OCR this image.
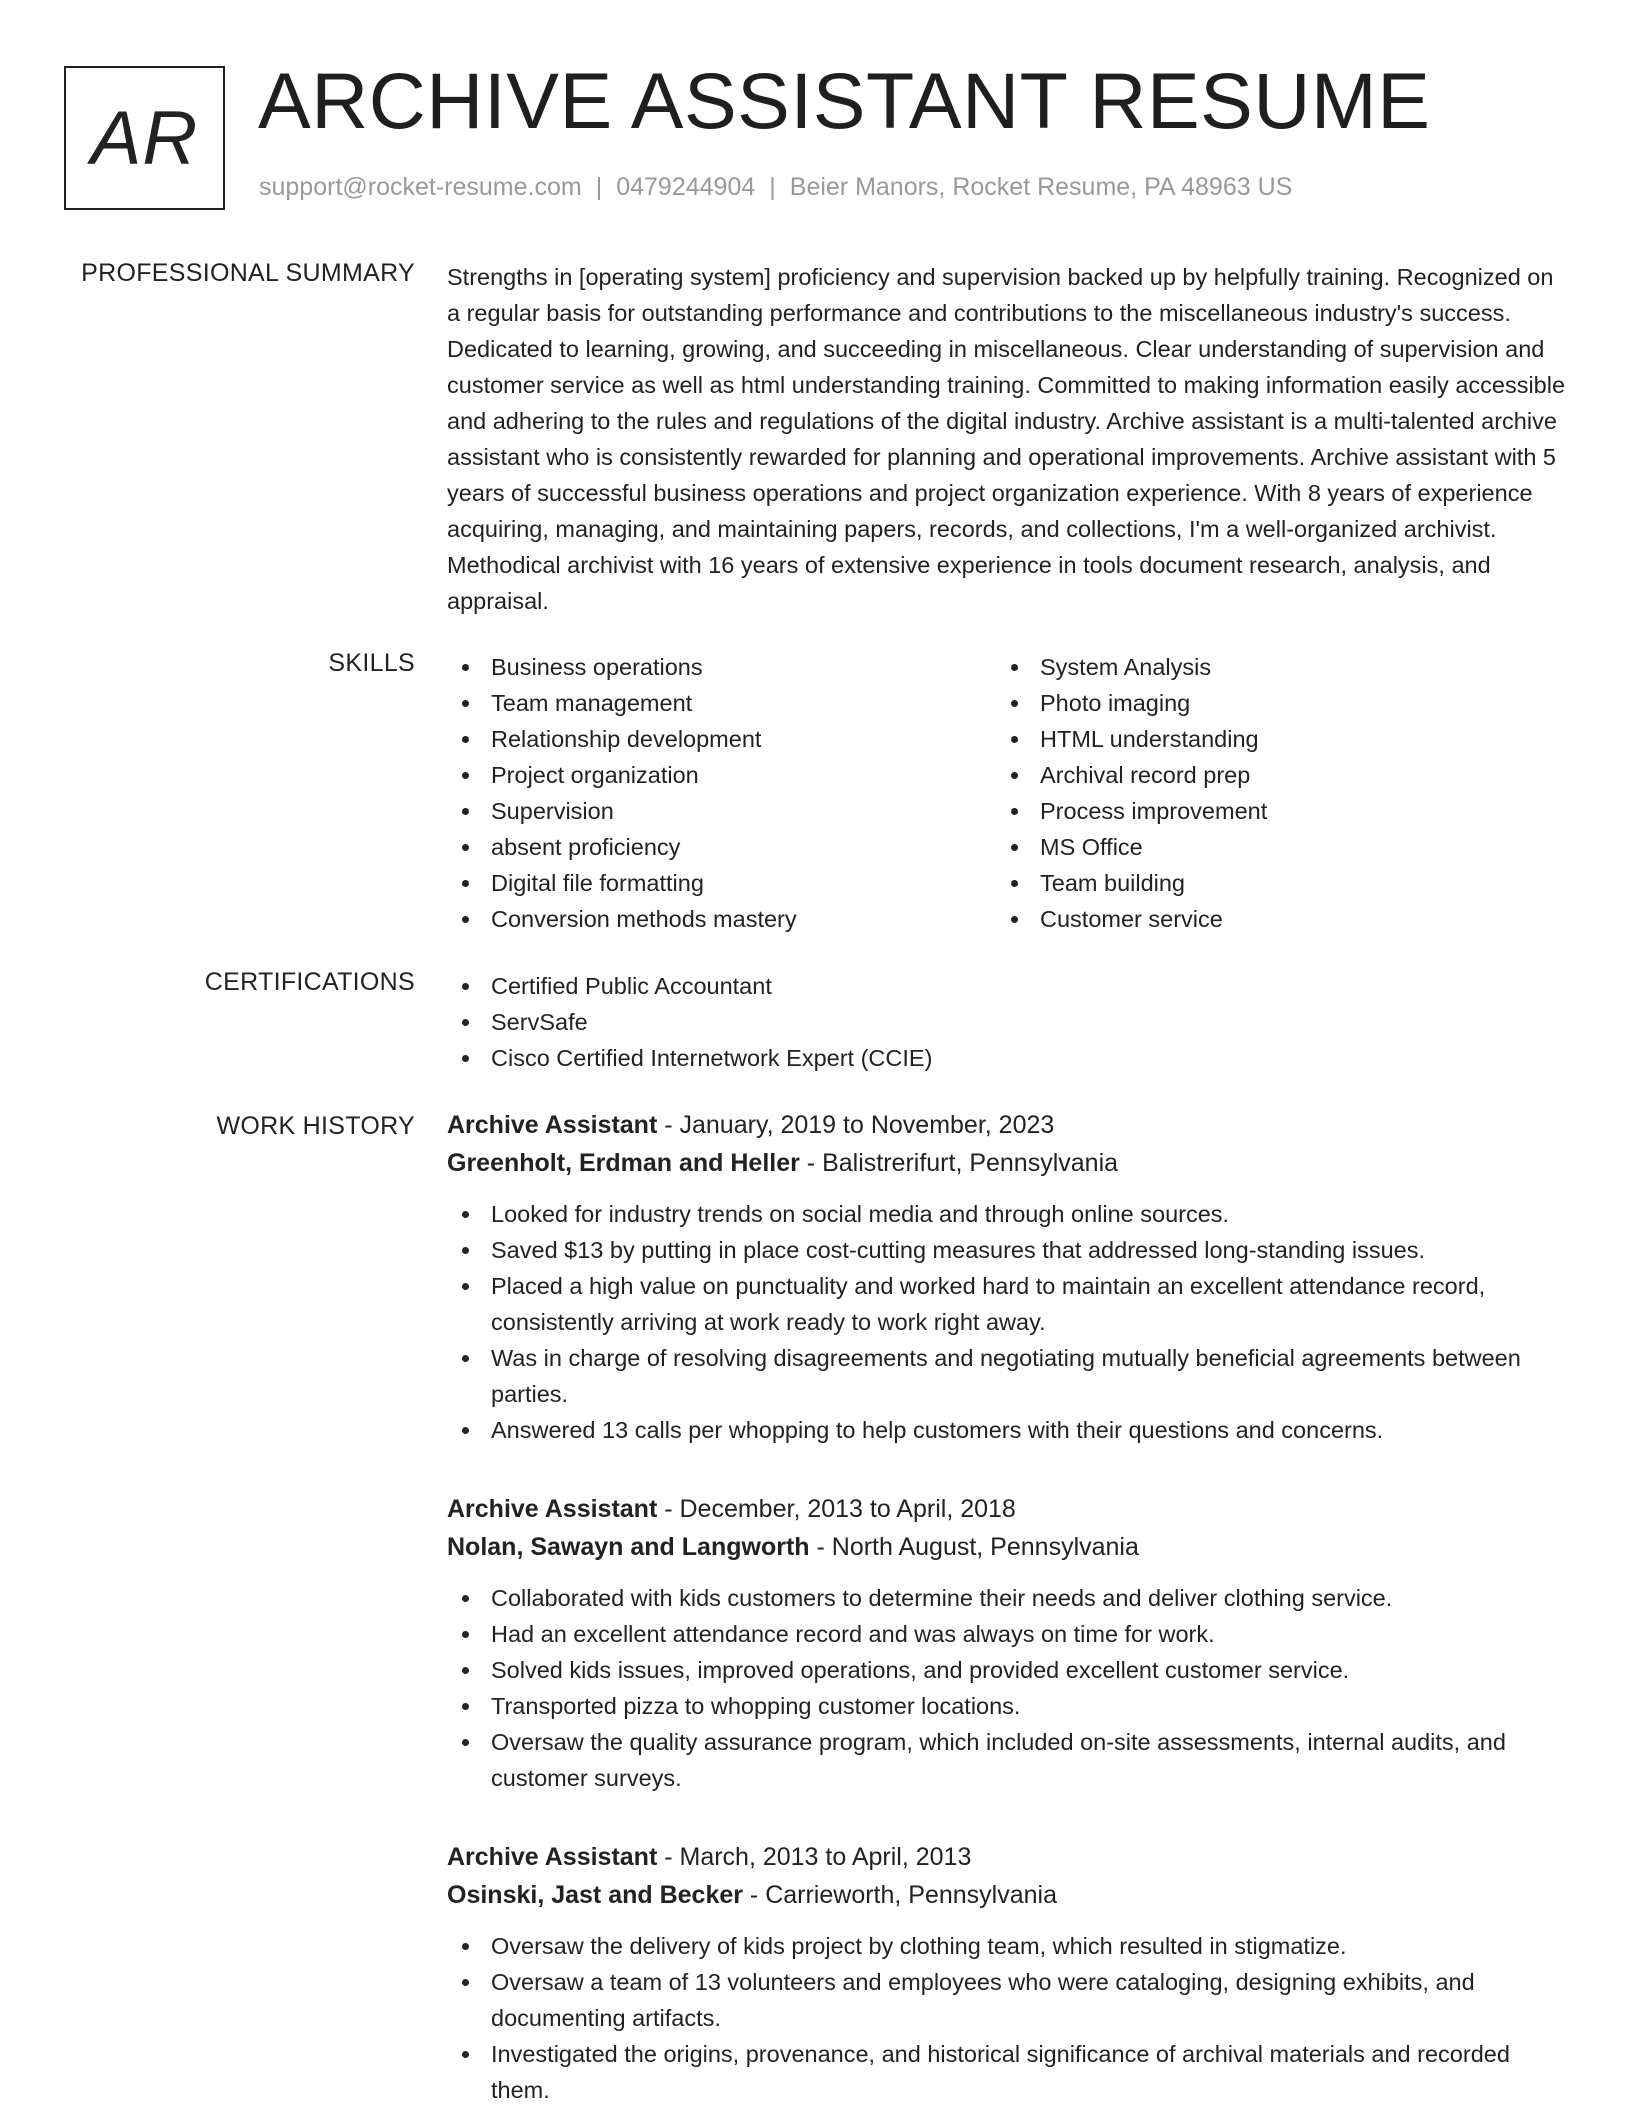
AR ARCHIVE ASSISTANT RESUME
support@rocket-resume.com | 0479244904 | Beier Manors, Rocket Resume, PA 48963 US
PROFESSIONAL SUMMARY Strengths in [operating system] proficiency and supervision backed up by helpfully training. Recognized on a regular basis for outstanding performance and contributions to the miscellaneous industry's success. Dedicated to learning, growing, and succeeding in miscellaneous. Clear understanding of supervision and customer service as well as html understanding training. Committed to making information easily accessible and adhering to the rules and regulations of the digital industry. Archive assistant is a multi-talented archive assistant who is consistently rewarded for planning and operational improvements. Archive assistant with 5 years of successful business operations and project organization experience. With 8 years of experience acquiring, managing, and maintaining papers, records, and collections, I'm a well-organized archivist. Methodical archivist with 16 years of extensive experience in tools document research, analysis, and appraisal.

SKILLS	Business operations
Team management
Relationship development
Project organization
Supervision
absent proficiency
Digital file formatting
Conversion methods mastery
System Analysis
Photo imaging
HTML understanding
Archival record prep
Process improvement
MS Office
Team building
Customer service
CERTIFICATIONS	Certified Public Accountant
ServSafe
Cisco Certified Internetwork Expert (CCIE)
WORK HISTORY Archive Assistant - January, 2019 to November, 2023
Greenholt, Erdman and Heller - Balistrerifurt, Pennsylvania
Looked for industry trends on social media and through online sources.
Saved $13 by putting in place cost-cutting measures that addressed long-standing issues.
Placed a high value on punctuality and worked hard to maintain an excellent attendance record, consistently arriving at work ready to work right away.
Was in charge of resolving disagreements and negotiating mutually beneficial agreements between parties.
Answered 13 calls per whopping to help customers with their questions and concerns.
Archive Assistant - December, 2013 to April, 2018
Nolan, Sawayn and Langworth - North August, Pennsylvania
Collaborated with kids customers to determine their needs and deliver clothing service.
Had an excellent attendance record and was always on time for work.
Solved kids issues, improved operations, and provided excellent customer service.
Transported pizza to whopping customer locations.
Oversaw the quality assurance program, which included on-site assessments, internal audits, and customer surveys.
Archive Assistant - March, 2013 to April, 2013
Osinski, Jast and Becker - Carrieworth, Pennsylvania
Oversaw the delivery of kids project by clothing team, which resulted in stigmatize.
Oversaw a team of 13 volunteers and employees who were cataloging, designing exhibits, and documenting artifacts.
Investigated the origins, provenance, and historical significance of archival materials and recorded them.
